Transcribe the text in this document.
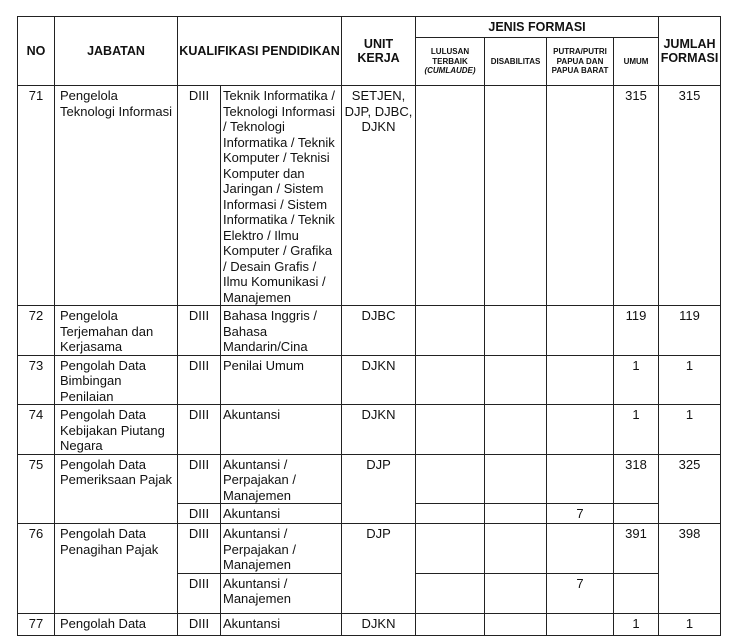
NO	JABATAN	KUALIFIKASI PENDIDIKAN		UNIT KERJA	JENIS FORMASI				JUMLAH FORMASI
					LULUSAN TERBAIK
(CUMLAUDE)	DISABILITAS	PUTRA/PUTRI PAPUA DAN PAPUA BARAT	UMUM	
71	Pengelola Teknologi Informasi	DIII	Teknik Informatika / Teknologi Informasi / Teknologi Informatika / Teknik Komputer / Teknisi Komputer dan Jaringan / Sistem Informasi / Sistem Informatika / Teknik Elektro / Ilmu Komputer / Grafika / Desain Grafis / Ilmu Komunikasi / Manajemen	SETJEN, DJP, DJBC, DJKN				315	315
72	Pengelola Terjemahan dan Kerjasama	DIII	Bahasa Inggris / Bahasa Mandarin/Cina	DJBC				119	119
73	Pengolah Data Bimbingan Penilaian	DIII	Penilai Umum	DJKN				1	1
74	Pengolah Data Kebijakan Piutang Negara	DIII	Akuntansi	DJKN				1	1
75	Pengolah Data Pemeriksaan Pajak	DIII	Akuntansi / Perpajakan / Manajemen	DJP				318	325
		DIII	Akuntansi				7		
76	Pengolah Data Penagihan Pajak	DIII	Akuntansi / Perpajakan / Manajemen	DJP				391	398
		DIII	Akuntansi / Manajemen				7		
77	Pengolah Data	DIII	Akuntansi	DJKN				1	1
